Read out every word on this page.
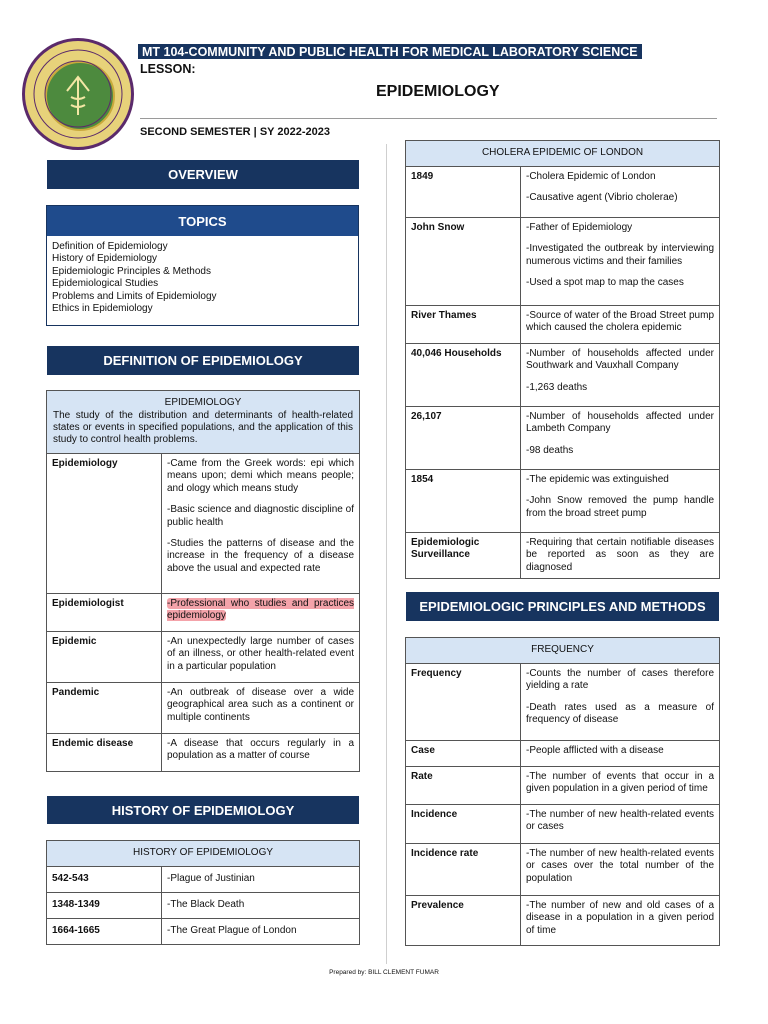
MT 104-COMMUNITY AND PUBLIC HEALTH FOR MEDICAL LABORATORY SCIENCE
LESSON:
EPIDEMIOLOGY
SECOND SEMESTER | SY 2022-2023
OVERVIEW
TOPICS
Definition of Epidemiology
History of Epidemiology
Epidemiologic Principles & Methods
Epidemiological Studies
Problems and Limits of Epidemiology
Ethics in Epidemiology
DEFINITION OF EPIDEMIOLOGY
EPIDEMIOLOGY
The study of the distribution and determinants of health-related states or events in specified populations, and the application of this study to control health problems.	

Epidemiology	-Came from the Greek words: epi which means upon; demi which means people; and ology which means study

-Basic science and diagnostic discipline of public health

-Studies the patterns of disease and the increase in the frequency of a disease above the usual and expected rate

Epidemiologist	-Professional who studies and practices epidemiology
Epidemic	-An unexpectedly large number of cases of an illness, or other health-related event in a particular population
Pandemic	-An outbreak of disease over a wide geographical area such as a continent or multiple continents
Endemic disease	-A disease that occurs regularly in a population as a matter of course
HISTORY OF EPIDEMIOLOGY
HISTORY OF EPIDEMIOLOGY	
542-543	-Plague of Justinian
1348-1349	-The Black Death
1664-1665	-The Great Plague of London
CHOLERA EPIDEMIC OF LONDON	
1849	-Cholera Epidemic of London

-Causative agent (Vibrio cholerae)

John Snow	-Father of Epidemiology

-Investigated the outbreak by interviewing numerous victims and their families

-Used a spot map to map the cases

River Thames	-Source of water of the Broad Street pump which caused the cholera epidemic
40,046 Households	-Number of households affected under Southwark and Vauxhall Company

-1,263 deaths

26,107	-Number of households affected under Lambeth Company

-98 deaths

1854	-The epidemic was extinguished

-John Snow removed the pump handle from the broad street pump

Epidemiologic Surveillance	-Requiring that certain notifiable diseases be reported as soon as they are diagnosed
EPIDEMIOLOGIC PRINCIPLES AND METHODS
FREQUENCY	
Frequency	-Counts the number of cases therefore yielding a rate

-Death rates used as a measure of frequency of disease

Case	-People afflicted with a disease
Rate	-The number of events that occur in a given population in a given period of time
Incidence	-The number of new health-related events or cases
Incidence rate	-The number of new health-related events or cases over the total number of the population
Prevalence	-The number of new and old cases of a disease in a population in a given period of time
Prepared by: BILL CLEMENT FUMAR
